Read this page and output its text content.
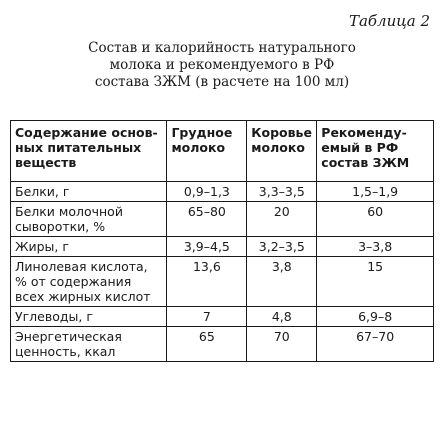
Таблица 2
Состав и калорийность натурального
молока и рекомендуемого в РФ
состава ЗЖМ (в расчете на 100 мл)
Содержание основ-
ных питательных
веществ	Грудное
молоко	Коровье
молоко	Рекоменду-
емый в РФ
состав ЗЖМ
Белки, г	0,9–1,3	3,3–3,5	1,5–1,9
Белки молочной
сыворотки, %	65–80	20	60
Жиры, г	3,9–4,5	3,2–3,5	3–3,8
Линолевая кислота,
% от содержания
всех жирных кислот	13,6	3,8	15
Углеводы, г	7	4,8	6,9–8
Энергетическая
ценность, ккал	65	70	67–70
